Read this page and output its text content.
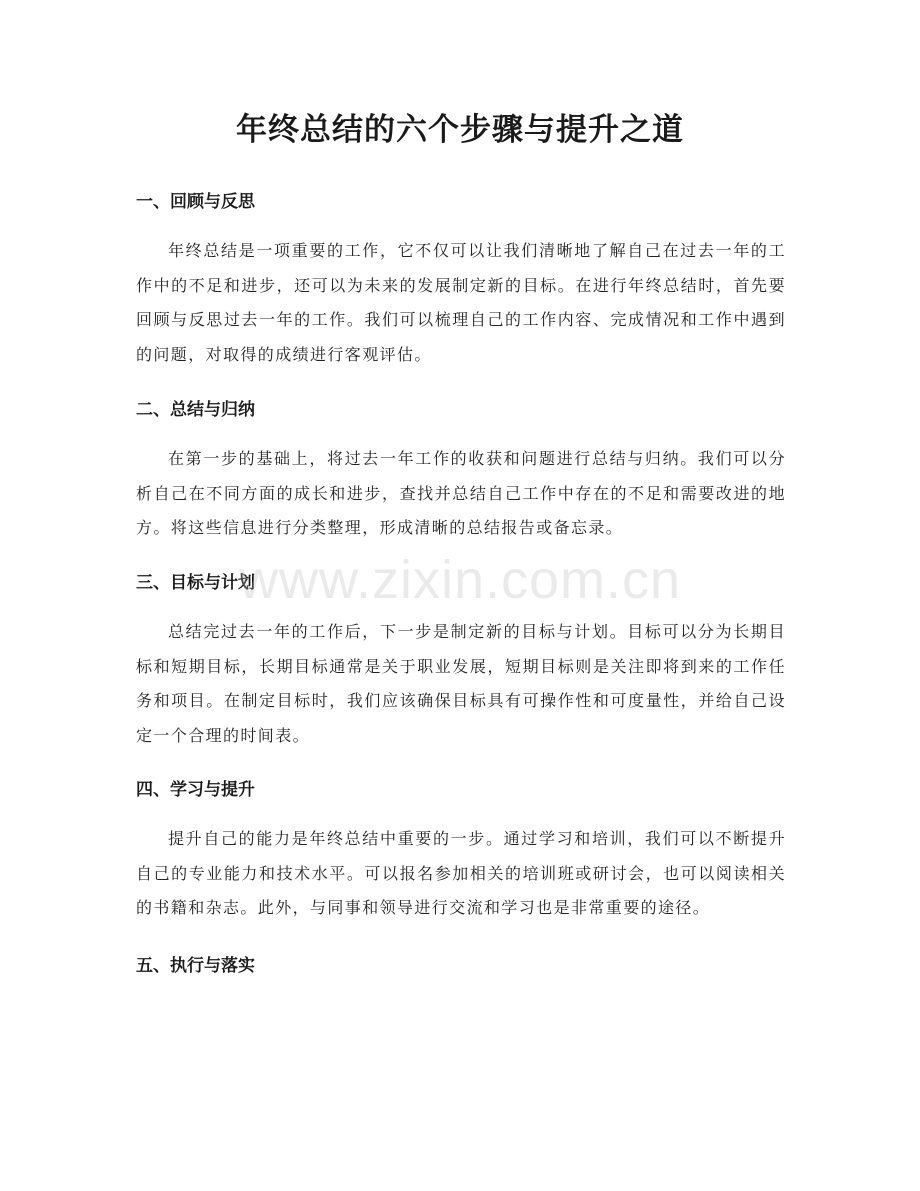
年终总结的六个步骤与提升之道
一、回顾与反思

年终总结是一项重要的工作，它不仅可以让我们清晰地了解自己在过去一年的工作中的不足和进步，还可以为未来的发展制定新的目标。在进行年终总结时，首先要回顾与反思过去一年的工作。我们可以梳理自己的工作内容、完成情况和工作中遇到的问题，对取得的成绩进行客观评估。

二、总结与归纳

在第一步的基础上，将过去一年工作的收获和问题进行总结与归纳。我们可以分析自己在不同方面的成长和进步，查找并总结自己工作中存在的不足和需要改进的地方。将这些信息进行分类整理，形成清晰的总结报告或备忘录。

三、目标与计划

总结完过去一年的工作后，下一步是制定新的目标与计划。目标可以分为长期目标和短期目标，长期目标通常是关于职业发展，短期目标则是关注即将到来的工作任务和项目。在制定目标时，我们应该确保目标具有可操作性和可度量性，并给自己设定一个合理的时间表。

四、学习与提升

提升自己的能力是年终总结中重要的一步。通过学习和培训，我们可以不断提升自己的专业能力和技术水平。可以报名参加相关的培训班或研讨会，也可以阅读相关的书籍和杂志。此外，与同事和领导进行交流和学习也是非常重要的途径。

五、执行与落实
www.zixin.com.cn
